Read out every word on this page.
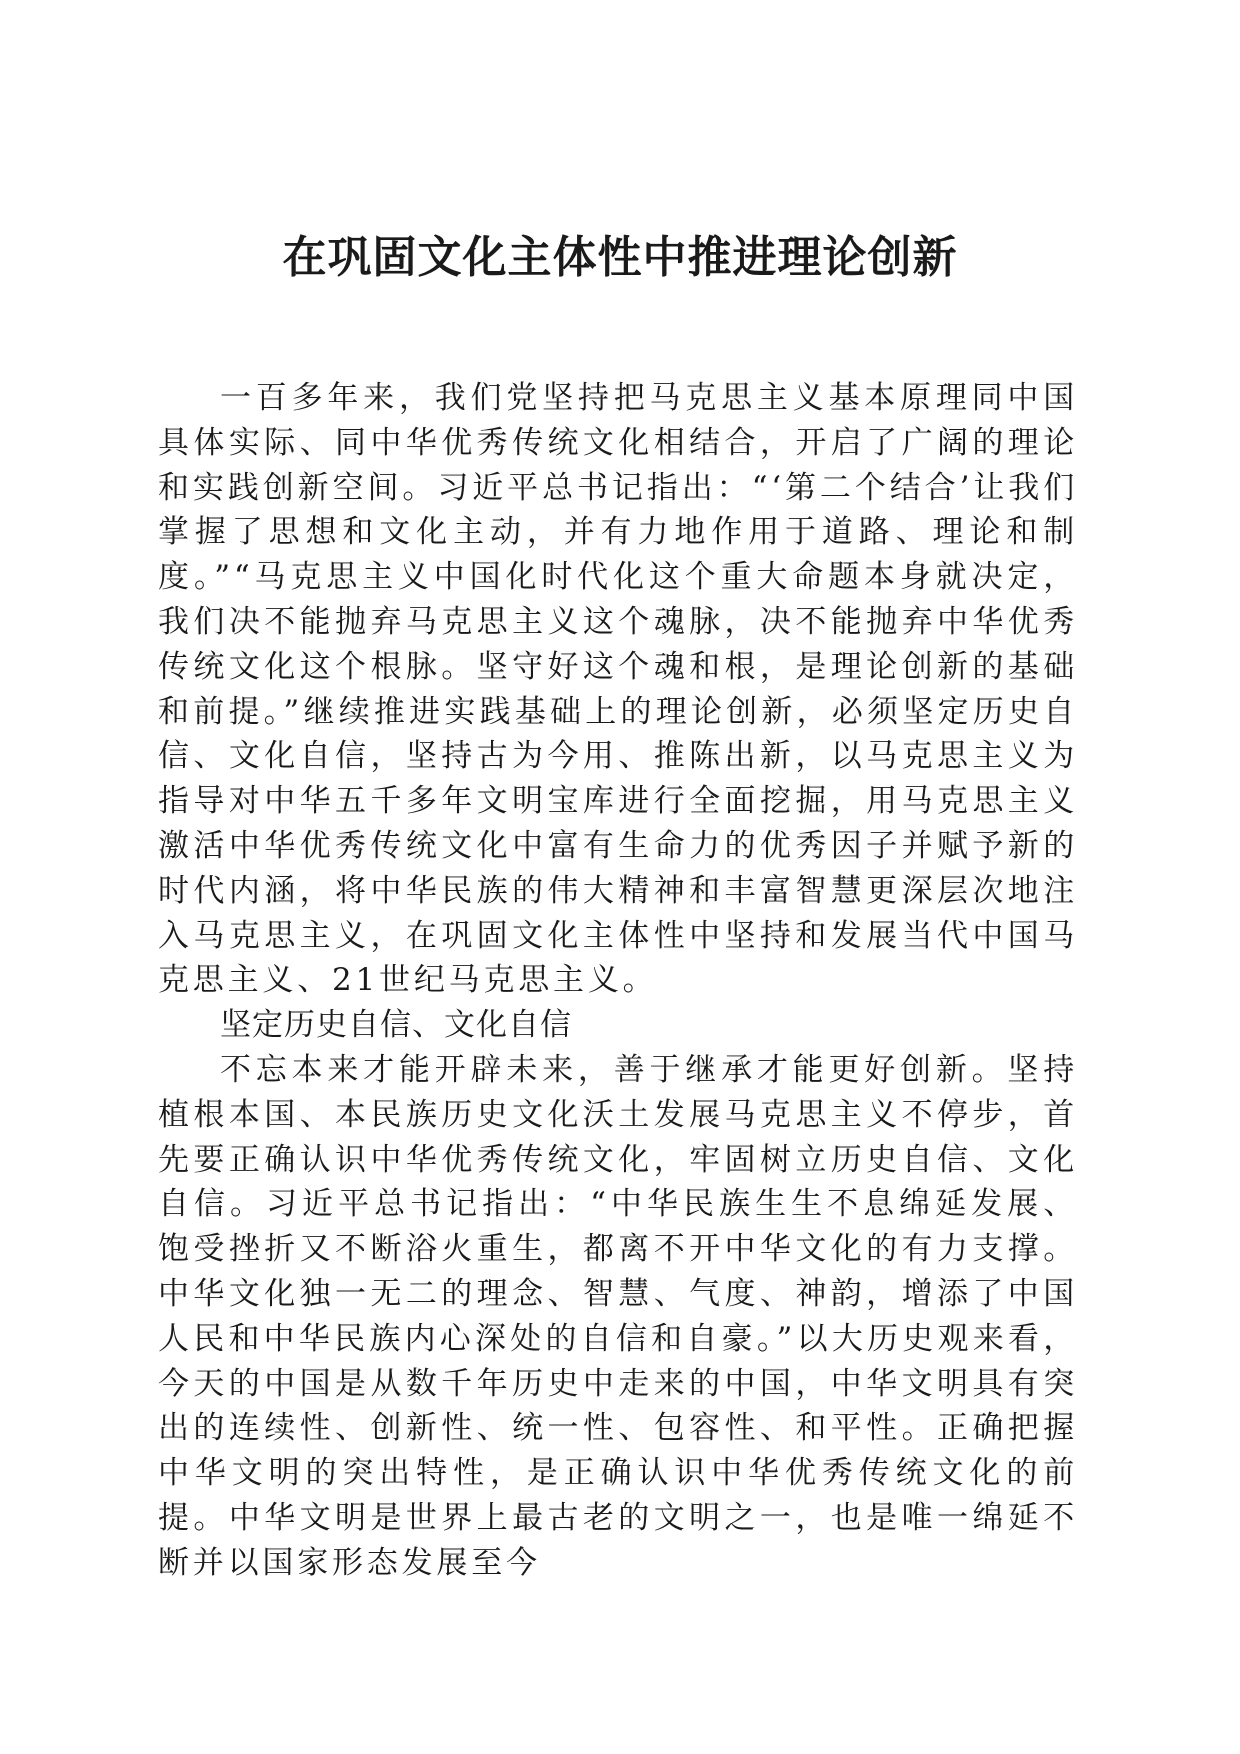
在巩固文化主体性中推进理论创新

一百多年来，我们党坚持把马克思主义基本原理同中国具体实际、同中华优秀传统文化相结合，开启了广阔的理论和实践创新空间。习近平总书记指出：“‘第二个结合’让我们掌握了思想和文化主动，并有力地作用于道路、理论和制度。”“马克思主义中国化时代化这个重大命题本身就决定，我们决不能抛弃马克思主义这个魂脉，决不能抛弃中华优秀传统文化这个根脉。坚守好这个魂和根，是理论创新的基础和前提。”继续推进实践基础上的理论创新，必须坚定历史自信、文化自信，坚持古为今用、推陈出新，以马克思主义为指导对中华五千多年文明宝库进行全面挖掘，用马克思主义激活中华优秀传统文化中富有生命力的优秀因子并赋予新的时代内涵，将中华民族的伟大精神和丰富智慧更深层次地注入马克思主义，在巩固文化主体性中坚持和发展当代中国马克思主义、21世纪马克思主义。

坚定历史自信、文化自信

不忘本来才能开辟未来，善于继承才能更好创新。坚持植根本国、本民族历史文化沃土发展马克思主义不停步，首先要正确认识中华优秀传统文化，牢固树立历史自信、文化自信。习近平总书记指出：“中华民族生生不息绵延发展、饱受挫折又不断浴火重生，都离不开中华文化的有力支撑。中华文化独一无二的理念、智慧、气度、神韵，增添了中国人民和中华民族内心深处的自信和自豪。”以大历史观来看，今天的中国是从数千年历史中走来的中国，中华文明具有突出的连续性、创新性、统一性、包容性、和平性。正确把握中华文明的突出特性，是正确认识中华优秀传统文化的前提。中华文明是世界上最古老的文明之一，也是唯一绵延不断并以国家形态发展至今
